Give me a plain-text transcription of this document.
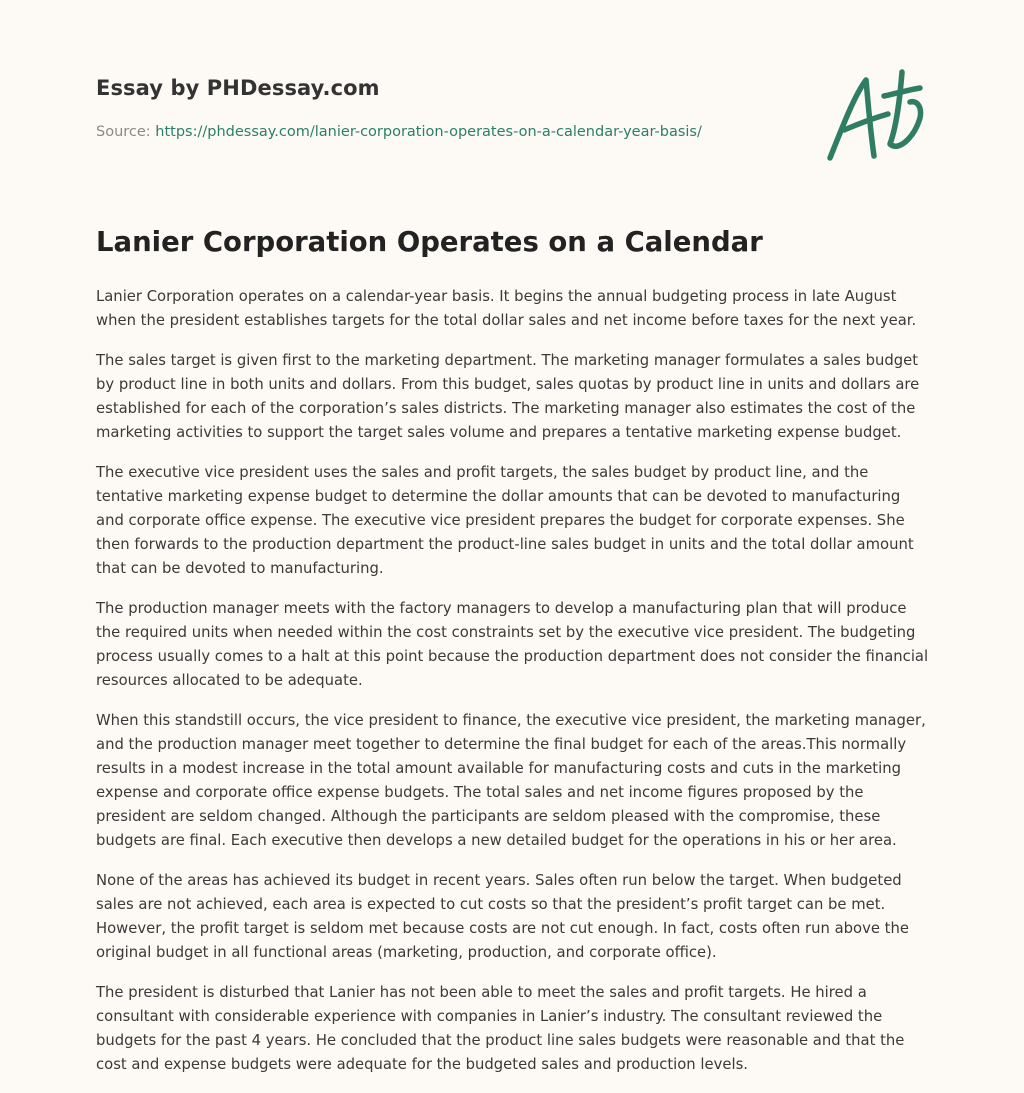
Essay by PHDessay.com
Source: https://phdessay.com/lanier-corporation-operates-on-a-calendar-year-basis/
Lanier Corporation Operates on a Calendar

Lanier Corporation operates on a calendar-year basis. It begins the annual budgeting process in late August when the president establishes targets for the total dollar sales and net income before taxes for the next year.

The sales target is given first to the marketing department. The marketing manager formulates a sales budget by product line in both units and dollars. From this budget, sales quotas by product line in units and dollars are established for each of the corporation’s sales districts. The marketing manager also estimates the cost of the marketing activities to support the target sales volume and prepares a tentative marketing expense budget.

The executive vice president uses the sales and profit targets, the sales budget by product line, and the tentative marketing expense budget to determine the dollar amounts that can be devoted to manufacturing and corporate office expense. The executive vice president prepares the budget for corporate expenses. She then forwards to the production department the product-line sales budget in units and the total dollar amount that can be devoted to manufacturing.

The production manager meets with the factory managers to develop a manufacturing plan that will produce the required units when needed within the cost constraints set by the executive vice president. The budgeting process usually comes to a halt at this point because the production department does not consider the financial resources allocated to be adequate.

When this standstill occurs, the vice president to finance, the executive vice president, the marketing manager, and the production manager meet together to determine the final budget for each of the areas.This normally results in a modest increase in the total amount available for manufacturing costs and cuts in the marketing expense and corporate office expense budgets. The total sales and net income figures proposed by the president are seldom changed. Although the participants are seldom pleased with the compromise, these budgets are final. Each executive then develops a new detailed budget for the operations in his or her area.

None of the areas has achieved its budget in recent years. Sales often run below the target. When budgeted sales are not achieved, each area is expected to cut costs so that the president’s profit target can be met. However, the profit target is seldom met because costs are not cut enough. In fact, costs often run above the original budget in all functional areas (marketing, production, and corporate office).

The president is disturbed that Lanier has not been able to meet the sales and profit targets. He hired a consultant with considerable experience with companies in Lanier’s industry. The consultant reviewed the budgets for the past 4 years. He concluded that the product line sales budgets were reasonable and that the cost and expense budgets were adequate for the budgeted sales and production levels.
